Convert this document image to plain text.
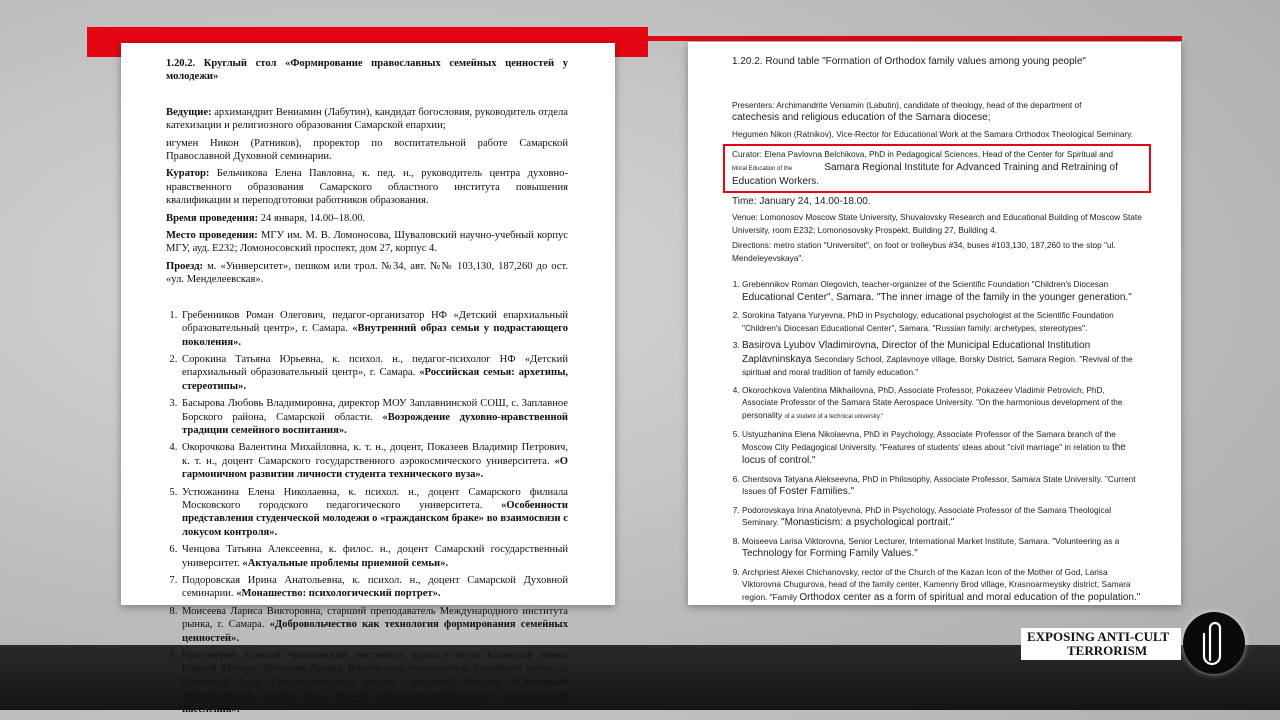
1.20.2. Круглый стол «Формирование православных семейных ценностей у молодежи»

Ведущие: архимандрит Вениамин (Лабутин), кандидат богословия, руководитель отдела катехизации и религиозного образования Самарской епархии;

игумен Никон (Ратников), проректор по воспитательной работе Самарской Православной Духовной семинарии.

Куратор: Бельчикова Елена Павловна, к. пед. н., руководитель центра духовно-нравственного образования Самарского областного института повышения квалификации и переподготовки работников образования.

Время проведения: 24 января, 14.00–18.00.

Место проведения: МГУ им. М. В. Ломоносова, Шуваловский научно-учебный корпус МГУ, ауд. Е232; Ломоносовский проспект, дом 27, корпус 4.

Проезд: м. «Университет», пешком или трол. №34, авт. №№ 103,130, 187,260 до ост. «ул. Менделеевская».

1. Гребенников Роман Олегович, педагог-организатор НФ «Детский епархиальный образовательный центр», г. Самара. «Внутренний образ семьи у подрастающего поколения».
2. Сорокина Татьяна Юрьевна, к. психол. н., педагог-психолог НФ «Детский епархиальный образовательный центр», г. Самара. «Российская семья: архетипы, стереотипы».
3. Басырова Любовь Владимировна, директор МОУ Заплавнинской СОШ, с. Заплавное Борского района, Самарской области. «Возрождение духовно-нравственной традиции семейного воспитания».
4. Окорочкова Валентина Михайловна, к. т. н., доцент, Показеев Владимир Петрович, к. т. н., доцент Самарского государственного аэрокосмического университета. «О гармоничном развитии личности студента технического вуза».
5. Устюжанина Елена Николаевна, к. психол. н., доцент Самарского филиала Московского городского педагогического университета. «Особенности представления студенческой молодежи о «гражданском браке» во взаимосвязи с локусом контроля».
6. Ченцова Татьяна Алексеевна, к. филос. н., доцент Самарский государственный университет. «Актуальные проблемы приемной семьи».
7. Подоровская Ирина Анатольевна, к. психол. н., доцент Самарской Духовной семинарии. «Монашеcтво: психологический портрет».
8. Моисеева Лариса Викторовна, старший преподаватель Международного института рынка, г. Самара. «Добровольчество как технология формирования семейных ценностей».
9. Протоиерей Алексий Чичановский, настоятель храма в честь Казанской иконы Божией Матери, Чугурова Лариса Викторовна, руководитель семейного центр, с. Каменный Брод Красноармейского района Самарской области. «Семейный православный центр как форма духовно-нравственного просвещения населения».

1.20.2. Round table "Formation of Orthodox family values among young people"

Presenters: Archimandrite Veniamin (Labutin), candidate of theology, head of the department of
catechesis and religious education of the Samara diocese;

Hegumen Nikon (Ratnikov), Vice-Rector for Educational Work at the Samara Orthodox Theological Seminary.

Curator: Elena Pavlovna Belchikova, PhD in Pedagogical Sciences, Head of the Center for Spiritual and
Moral Education of the	Samara Regional Institute for Advanced Training and Retraining of Education Workers.

Time: January 24, 14.00-18.00.

Venue: Lomonosov Moscow State University, Shuvalovsky Research and Educational Building of Moscow State University, room E232; Lomonosovsky Prospekt, Building 27, Building 4.

Directions: metro station "Universitet", on foot or trolleybus #34, buses #103,130, 187,260 to the stop "ul. Mendeleyevskaya".

1. Grebennikov Roman Olegovich, teacher-organizer of the Scientific Foundation "Children's Diocesan Educational Center", Samara. "The inner image of the family in the younger generation."
2. Sorokina Tatyana Yuryevna, PhD in Psychology, educational psychologist at the Scientific Foundation "Children's Diocesan Educational Center", Samara. "Russian family: archetypes, stereotypes".
3. Basirova Lyubov Vladimirovna, Director of the Municipal Educational Institution Zaplavninskaya Secondary School, Zaplavnoye village, Borsky District, Samara Region. "Revival of the spiritual and moral tradition of family education."
4. Okorochkova Valentina Mikhailovna, PhD, Associate Professor, Pokazeev Vladimir Petrovich, PhD, Associate Professor of the Samara State Aerospace University. "On the harmonious development of the personality of a student of a technical university."
5. Ustyuzhanina Elena Nikolaevna, PhD in Psychology, Associate Professor of the Samara branch of the Moscow City Pedagogical University. "Features of students' ideas about "civil marriage" in relation to the locus of control."
6. Chentsova Tatyana Alekseevna, PhD in Philosophy, Associate Professor, Samara State University. "Current Issues of Foster Families."
7. Podorovskaya Irina Anatolyevna, PhD in Psychology, Associate Professor of the Samara Theological Seminary. "Monasticism: a psychological portrait."
8. Moiseeva Larisa Viktorovna, Senior Lecturer, International Market Institute, Samara. "Volunteering as a Technology for Forming Family Values."
9. Archpriest Alexei Chichanovsky, rector of the Church of the Kazan Icon of the Mother of God, Larisa Viktorovna Chugurova, head of the family center, Kamenny Brod village, Krasnoarmeysky district, Samara region. "Family Orthodox center as a form of spiritual and moral education of the population."
EXPOSING ANTI-CULT
TERRORISM
